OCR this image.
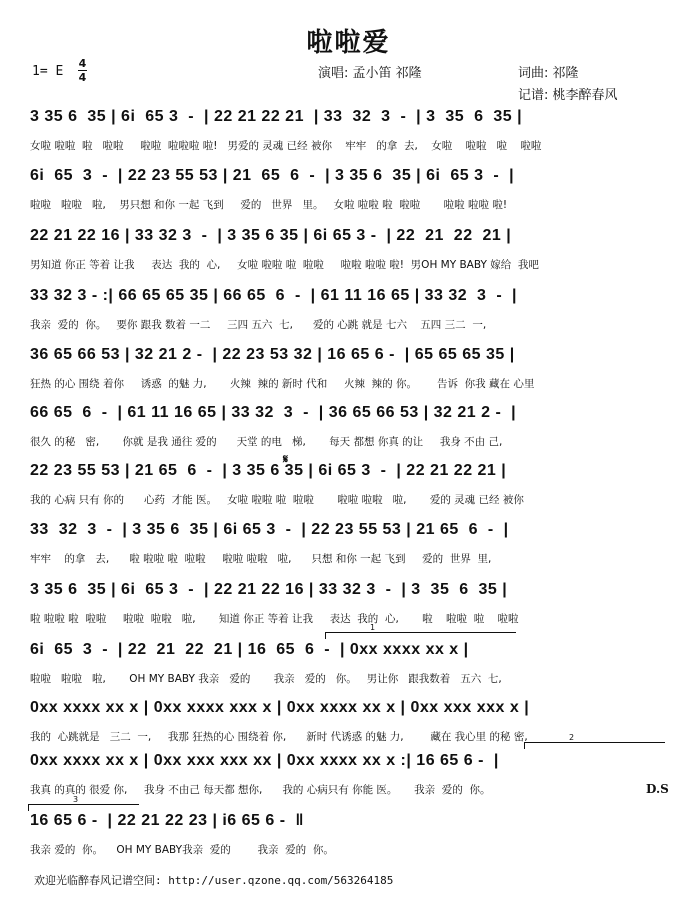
啦啦爱
1= E
4
4	演唱: 孟小笛 祁隆	词曲: 祁隆
记谱: 桃李醉春风
3 35 6  35 | 6i  65 3  -  | 22 21 22 21  | 33  32  3  -  | 3  35  6  35 |
女啦 啦啦  啦   啦啦     啦啦  啦啦啦 啦!   男爱的 灵魂 已经 被你    牢牢   的拿  去,    女啦    啦啦   啦    啦啦
6i  65  3  -  | 22 23 55 53 | 21  65  6  -  | 3 35 6  35 | 6i  65 3  -  |
啦啦   啦啦   啦,    男只想 和你 一起 飞到     爱的   世界   里。   女啦 啦啦 啦  啦啦       啦啦 啦啦 啦!
22 21 22 16 | 33 32 3  -  | 3 35 6 35 | 6i 65 3 -  | 22  21  22  21 |
男知道 你正 等着 让我     表达  我的  心,     女啦 啦啦 啦  啦啦     啦啦 啦啦 啦!  男OH MY BABY 嫁给  我吧
33 32 3 - :| 66 65 65 35 | 66 65  6  -  | 61 11 16 65 | 33 32  3  -  |
我亲  爱的  你。   要你 跟我 数着 一二     三四 五六  七,      爱的 心跳 就是 七六    五四 三二  一,
36 65 66 53 | 32 21 2 -  | 22 23 53 32 | 16 65 6 -  | 65 65 65 35 |
狂热 的心 围绕 着你     诱惑  的魅 力,       火辣  辣的 新时 代和     火辣  辣的 你。      告诉  你我 藏在 心里
66 65  6  -  | 61 11 16 65 | 33 32  3  -  | 36 65 66 53 | 32 21 2 -  |
很久 的秘   密,       你就 是我 通往 爱的      天堂 的电   梯,       每天 都想 你真 的让     我身 不由 己,
22 23 55 53 | 21 65  6  -  | 3 35 6 35 | 6i 65 3  -  | 22 21 22 21 |
我的 心病 只有 你的      心药  才能 医。   女啦 啦啦 啦  啦啦       啦啦 啦啦   啦,       爱的 灵魂 已经 被你
𝄋
33  32  3  -  | 3 35 6  35 | 6i 65 3  -  | 22 23 55 53 | 21 65  6  -  |
牢牢    的拿   去,      啦 啦啦 啦  啦啦     啦啦 啦啦   啦,      只想 和你 一起 飞到     爱的  世界  里,
3 35 6  35 | 6i  65 3  -  | 22 21 22 16 | 33 32 3  -  | 3  35  6  35 |
啦 啦啦 啦  啦啦     啦啦  啦啦   啦,       知道 你正 等着 让我     表达  我的  心,       啦    啦啦  啦    啦啦
1
6i  65  3  -  | 22  21  22  21 | 16  65  6  -  | 0xx xxxx xx x |
啦啦   啦啦   啦,       OH MY BABY 我亲   爱的       我亲   爱的   你。   男让你   跟我数着   五六  七,
0xx xxxx xx x | 0xx xxxx xxx x | 0xx xxxx xx x | 0xx xxx xxx x |
我的  心跳就是   三二  一,     我那 狂热的心 围绕着 你,      新时 代诱惑 的魅 力,        藏在 我心里 的秘 密,	2
0xx xxxx xx x | 0xx xxx xxx xx | 0xx xxxx xx x :| 16 65 6 -  |
我真 的真的 很爱 你,     我身 不由己 每天都 想你,      我的 心病只有 你能 医。     我亲  爱的  你。	D.S
3
16 65 6 -  | 22 21 22 23 | i6 65 6 -  ‖
我亲 爱的  你。    OH MY BABY我亲  爱的        我亲  爱的  你。
欢迎光临醉春风记谱空间: http://user.qzone.qq.com/563264185
